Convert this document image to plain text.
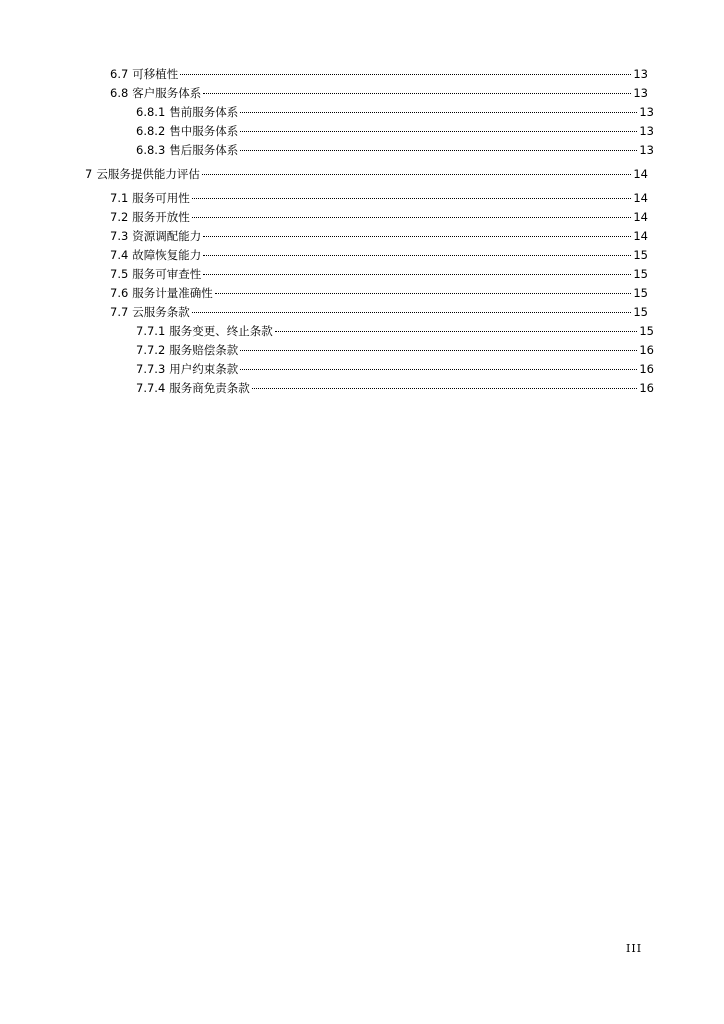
6.7 可移植性	13
6.8 客户服务体系	13
6.8.1 售前服务体系	13
6.8.2 售中服务体系	13
6.8.3 售后服务体系	13
7 云服务提供能力评估	14
7.1 服务可用性	14
7.2 服务开放性	14
7.3 资源调配能力	14
7.4 故障恢复能力	15
7.5 服务可审查性	15
7.6 服务计量准确性	15
7.7 云服务条款	15
7.7.1 服务变更、终止条款	15
7.7.2 服务赔偿条款	16
7.7.3 用户约束条款	16
7.7.4 服务商免责条款	16
III
